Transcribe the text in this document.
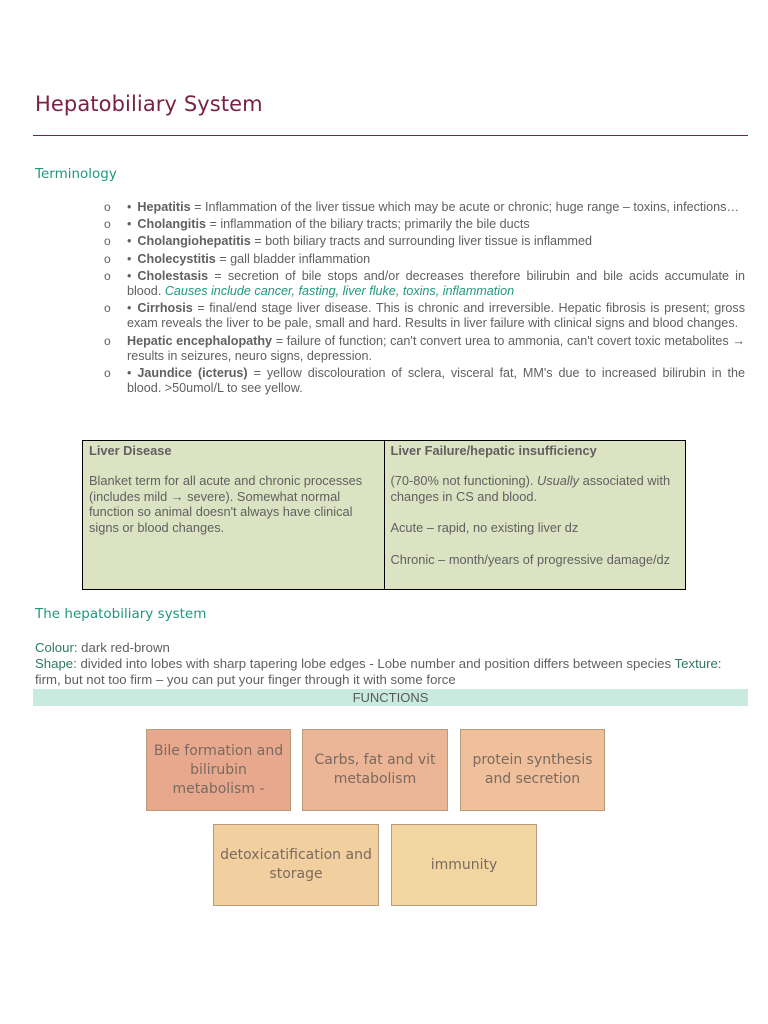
Hepatobiliary System
Terminology
o • Hepatitis = Inflammation of the liver tissue which may be acute or chronic; huge range – toxins, infections…
o • Cholangitis = inflammation of the biliary tracts; primarily the bile ducts
o • Cholangiohepatitis = both biliary tracts and surrounding liver tissue is inflammed
o • Cholecystitis = gall bladder inflammation
o • Cholestasis = secretion of bile stops and/or decreases therefore bilirubin and bile acids accumulate in blood. Causes include cancer, fasting, liver fluke, toxins, inflammation
o • Cirrhosis = final/end stage liver disease. This is chronic and irreversible. Hepatic fibrosis is present; gross exam reveals the liver to be pale, small and hard. Results in liver failure with clinical signs and blood changes.
o Hepatic encephalopathy = failure of function; can't convert urea to ammonia, can't covert toxic metabolites → results in seizures, neuro signs, depression.
o • Jaundice (icterus) = yellow discolouration of sclera, visceral fat, MM's due to increased bilirubin in the blood. >50umol/L to see yellow.
Liver Disease

Blanket term for all acute and chronic processes (includes mild → severe). Somewhat normal function so animal doesn't always have clinical signs or blood changes.

Liver Failure/hepatic insufficiency

(70-80% not functioning). Usually associated with changes in CS and blood.

Acute – rapid, no existing liver dz

Chronic – month/years of progressive damage/dz

The hepatobiliary system

Colour: dark red-brown

Shape: divided into lobes with sharp tapering lobe edges - Lobe number and position differs between species Texture: firm, but not too firm – you can put your finger through it with some force

FUNCTIONS
Bile formation and bilirubin metabolism -
Carbs, fat and vit metabolism
protein synthesis and secretion
detoxicatification and storage
immunity
